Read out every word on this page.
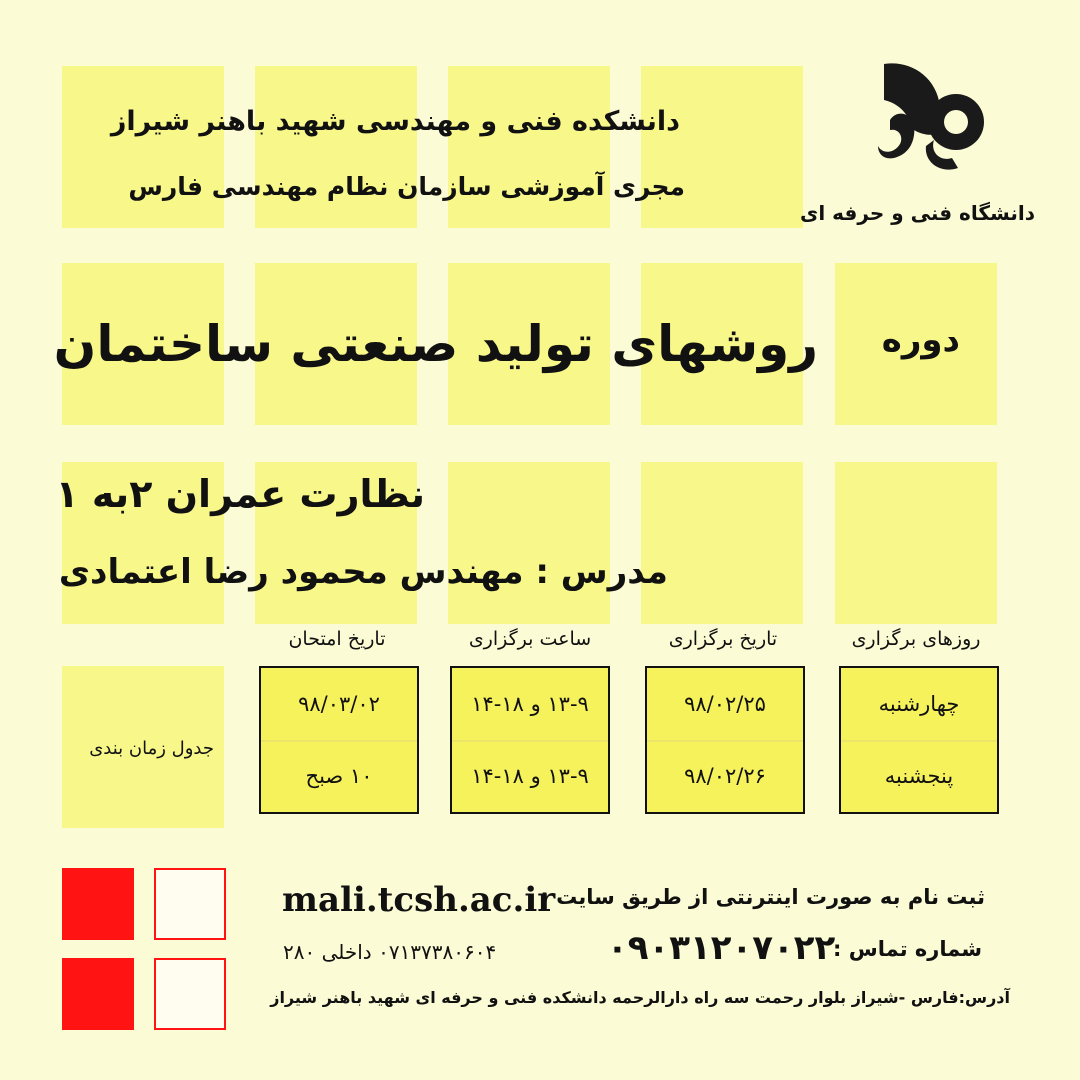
دانشکده فنی و مهندسی شهید باهنر شیراز
مجری آموزشی سازمان نظام مهندسی فارس
دانشگاه فنی و حرفه ای
دوره
روشهای تولید صنعتی ساختمان
نظارت عمران ۲به ۱
مدرس : مهندس محمود رضا اعتمادی
روزهای برگزاری
تاریخ برگزاری
ساعت برگزاری
تاریخ امتحان
چهارشنبه
پنجشنبه
۹۸/۰۲/۲۵
۹۸/۰۲/۲۶
۱۳-۹ و ۱۸-۱۴
۱۳-۹ و ۱۸-۱۴
۹۸/۰۳/۰۲
۱۰ صبح
جدول زمان بندی
ثبت نام به صورت اینترنتی از طریق سایت :
mali.tcsh.ac.ir
شماره تماس :
۰۹۰۳۱۲۰۷۰۲۲
۰۷۱۳۷۳۸۰۶۰۴ داخلی ۲۸۰
آدرس:فارس -شیراز بلوار رحمت سه راه دارالرحمه دانشکده فنی و حرفه ای شهید باهنر شیراز
